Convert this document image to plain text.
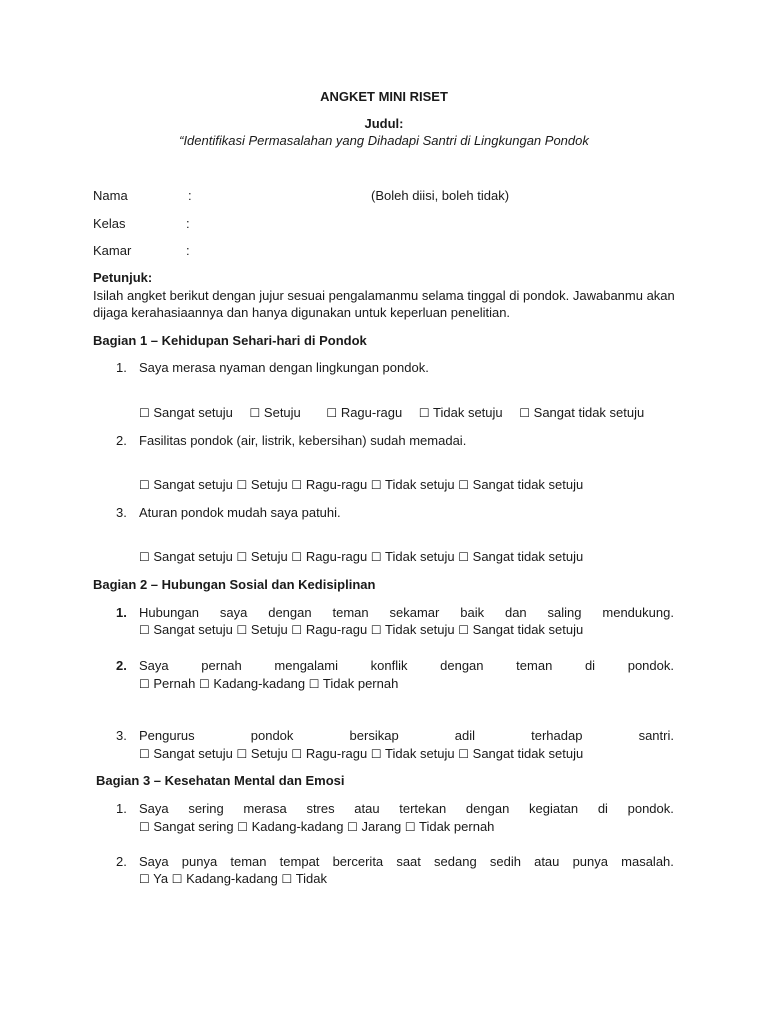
ANGKET MINI RISET
Judul:
“Identifikasi Permasalahan yang Dihadapi Santri di Lingkungan Pondok
Nama	:	(Boleh diisi, boleh tidak)
Kelas	:
Kamar	:
Petunjuk:
Isilah angket berikut dengan jujur sesuai pengalamanmu selama tinggal di pondok. Jawabanmu akan
dijaga kerahasiaannya dan hanya digunakan untuk keperluan penelitian.
Bagian 1 – Kehidupan Sehari-hari di Pondok
1. Saya merasa nyaman dengan lingkungan pondok.
☐ Sangat setuju ☐ Setuju ☐ Ragu-ragu ☐ Tidak setuju ☐ Sangat tidak setuju
2. Fasilitas pondok (air, listrik, kebersihan) sudah memadai.
☐ Sangat setuju ☐ Setuju ☐ Ragu-ragu ☐ Tidak setuju ☐ Sangat tidak setuju
3. Aturan pondok mudah saya patuhi.
☐ Sangat setuju ☐ Setuju ☐ Ragu-ragu ☐ Tidak setuju ☐ Sangat tidak setuju
Bagian 2 – Hubungan Sosial dan Kedisiplinan
1. Hubungan saya dengan teman sekamar baik dan saling mendukung.
☐ Sangat setuju ☐ Setuju ☐ Ragu-ragu ☐ Tidak setuju ☐ Sangat tidak setuju
2. Saya	pernah	mengalami	konflik	dengan	teman	di	pondok.
☐ Pernah ☐ Kadang-kadang ☐ Tidak pernah
3. Pengurus	pondok	bersikap	adil	terhadap	santri.
☐ Sangat setuju ☐ Setuju ☐ Ragu-ragu ☐ Tidak setuju ☐ Sangat tidak setuju
Bagian 3 – Kesehatan Mental dan Emosi
1. Saya sering merasa stres atau tertekan dengan kegiatan di pondok.
☐ Sangat sering ☐ Kadang-kadang ☐ Jarang ☐ Tidak pernah
2. Saya punya teman tempat bercerita saat sedang sedih atau punya masalah.
☐ Ya ☐ Kadang-kadang ☐ Tidak
